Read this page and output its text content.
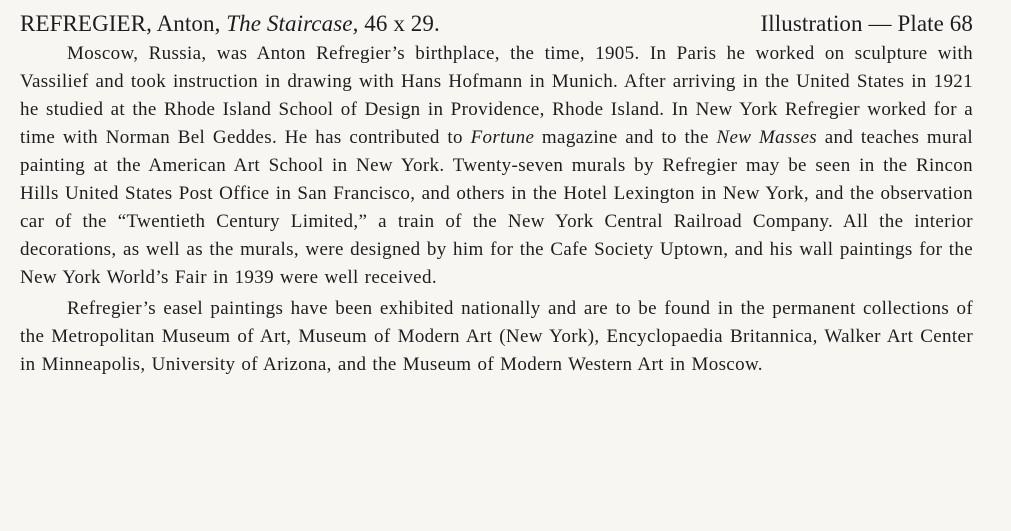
REFREGIER, Anton, The Staircase, 46 x 29.	Illustration — Plate 68

Moscow, Russia, was Anton Refregier’s birthplace, the time, 1905. In Paris he worked on sculpture with Vassilief and took instruction in drawing with Hans Hofmann in Munich. After arriving in the United States in 1921 he studied at the Rhode Island School of Design in Providence, Rhode Island. In New York Refregier worked for a time with Norman Bel Geddes. He has contributed to Fortune magazine and to the New Masses and teaches mural painting at the American Art School in New York. Twenty-seven murals by Refregier may be seen in the Rincon Hills United States Post Office in San Francisco, and others in the Hotel Lexington in New York, and the observation car of the “Twentieth Century Limited,” a train of the New York Central Railroad Company. All the interior decorations, as well as the murals, were designed by him for the Cafe Society Uptown, and his wall paintings for the New York World’s Fair in 1939 were well received.

Refregier’s easel paintings have been exhibited nationally and are to be found in the permanent collections of the Metropolitan Museum of Art, Museum of Modern Art (New York), Encyclopaedia Britannica, Walker Art Center in Minneapolis, University of Arizona, and the Museum of Modern Western Art in Moscow.
